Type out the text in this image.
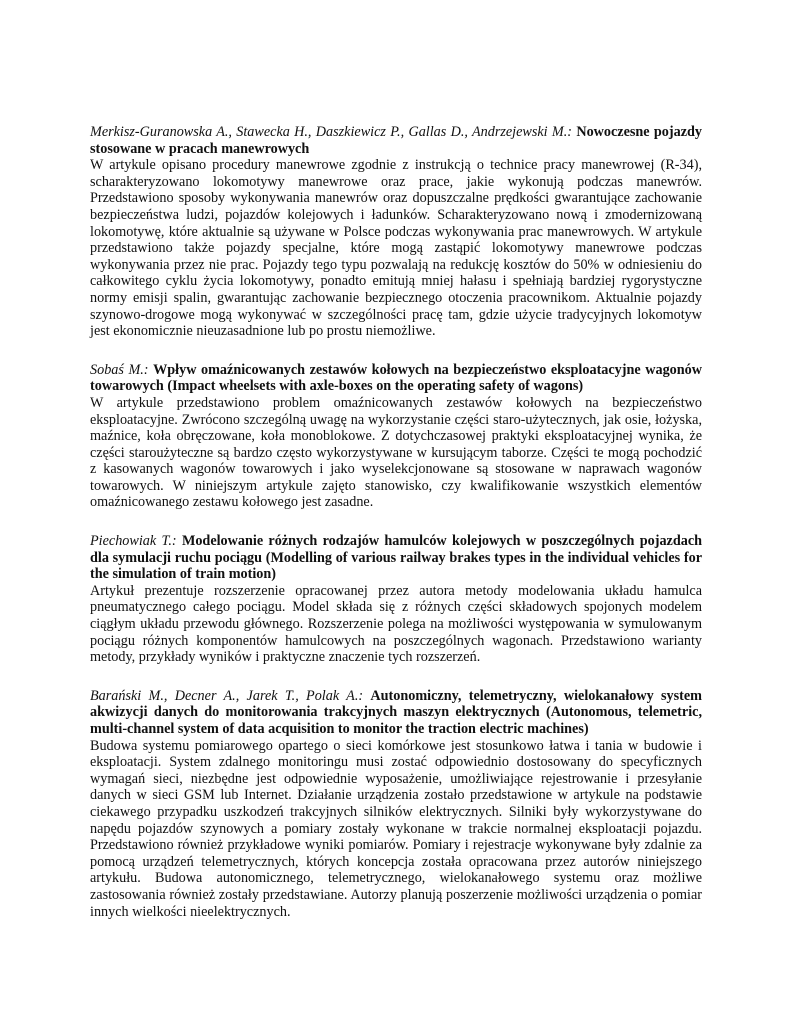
Merkisz-Guranowska A., Stawecka H., Daszkiewicz P., Gallas D., Andrzejewski M.: Nowoczesne pojazdy stosowane w pracach manewrowych

W artykule opisano procedury manewrowe zgodnie z instrukcją o technice pracy manewrowej (R-34), scharakteryzowano lokomotywy manewrowe oraz prace, jakie wykonują podczas manewrów. Przedstawiono sposoby wykonywania manewrów oraz dopuszczalne prędkości gwarantujące zachowanie bezpieczeństwa ludzi, pojazdów kolejowych i ładunków. Scharakteryzowano nową i zmodernizowaną lokomotywę, które aktualnie są używane w Polsce podczas wykonywania prac manewrowych. W artykule przedstawiono także pojazdy specjalne, które mogą zastąpić lokomotywy manewrowe podczas wykonywania przez nie prac. Pojazdy tego typu pozwalają na redukcję kosztów do 50% w odniesieniu do całkowitego cyklu życia lokomotywy, ponadto emitują mniej hałasu i spełniają bardziej rygorystyczne normy emisji spalin, gwarantując zachowanie bezpiecznego otoczenia pracownikom. Aktualnie pojazdy szynowo-drogowe mogą wykonywać w szczególności pracę tam, gdzie użycie tradycyjnych lokomotyw jest ekonomicznie nieuzasadnione lub po prostu niemożliwe.

Sobaś M.: Wpływ omaźnicowanych zestawów kołowych na bezpieczeństwo eksploatacyjne wagonów towarowych (Impact wheelsets with axle-boxes on the operating safety of wagons)

W artykule przedstawiono problem omaźnicowanych zestawów kołowych na bezpieczeństwo eksploatacyjne. Zwrócono szczególną uwagę na wykorzystanie części staro-użytecznych, jak osie, łożyska, maźnice, koła obręczowane, koła monoblokowe. Z dotychczasowej praktyki eksploatacyjnej wynika, że części staroużyteczne są bardzo często wykorzystywane w kursującym taborze. Części te mogą pochodzić z kasowanych wagonów towarowych i jako wyselekcjonowane są stosowane w naprawach wagonów towarowych. W niniejszym artykule zajęto stanowisko, czy kwalifikowanie wszystkich elementów omaźnicowanego zestawu kołowego jest zasadne.

Piechowiak T.: Modelowanie różnych rodzajów hamulców kolejowych w poszczególnych pojazdach dla symulacji ruchu pociągu (Modelling of various railway brakes types in the individual vehicles for the simulation of train motion)

Artykuł prezentuje rozszerzenie opracowanej przez autora metody modelowania układu hamulca pneumatycznego całego pociągu. Model składa się z różnych części składowych spojonych modelem ciągłym układu przewodu głównego. Rozszerzenie polega na możliwości występowania w symulowanym pociągu różnych komponentów hamulcowych na poszczególnych wagonach. Przedstawiono warianty metody, przykłady wyników i praktyczne znaczenie tych rozszerzeń.

Barański M., Decner A., Jarek T., Polak A.: Autonomiczny, telemetryczny, wielokanałowy system akwizycji danych do monitorowania trakcyjnych maszyn elektrycznych (Autonomous, telemetric, multi-channel system of data acquisition to monitor the traction electric machines)

Budowa systemu pomiarowego opartego o sieci komórkowe jest stosunkowo łatwa i tania w budowie i eksploatacji. System zdalnego monitoringu musi zostać odpowiednio dostosowany do specyficznych wymagań sieci, niezbędne jest odpowiednie wyposażenie, umożliwiające rejestrowanie i przesyłanie danych w sieci GSM lub Internet. Działanie urządzenia zostało przedstawione w artykule na podstawie ciekawego przypadku uszkodzeń trakcyjnych silników elektrycznych. Silniki były wykorzystywane do napędu pojazdów szynowych a pomiary zostały wykonane w trakcie normalnej eksploatacji pojazdu. Przedstawiono również przykładowe wyniki pomiarów. Pomiary i rejestracje wykonywane były zdalnie za pomocą urządzeń telemetrycznych, których koncepcja została opracowana przez autorów niniejszego artykułu. Budowa autonomicznego, telemetrycznego, wielokanałowego systemu oraz możliwe zastosowania również zostały przedstawiane. Autorzy planują poszerzenie możliwości urządzenia o pomiar innych wielkości nieelektrycznych.
